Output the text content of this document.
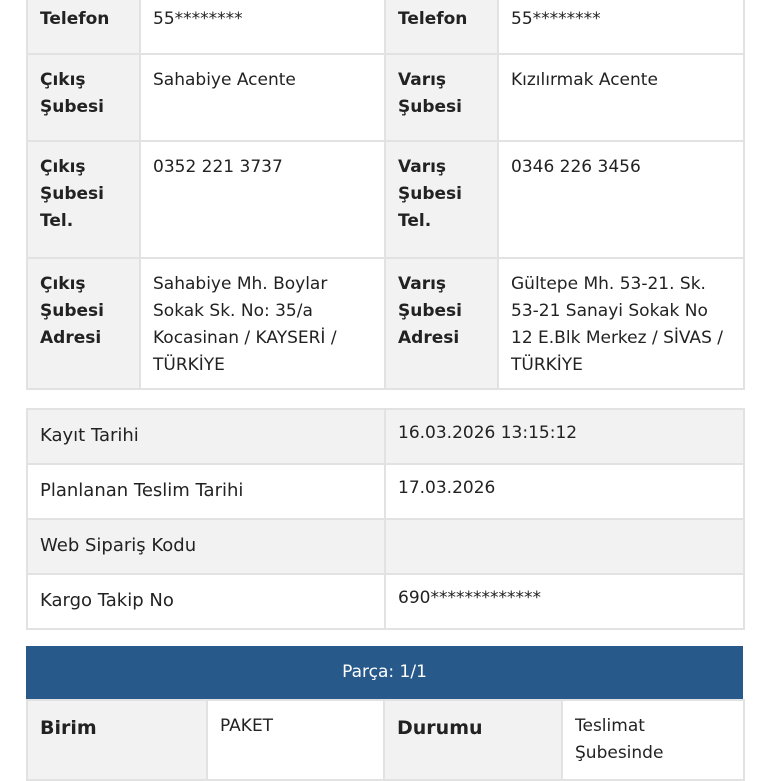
Telefon	55********	Telefon	55********
Çıkış Şubesi	Sahabiye Acente	Varış Şubesi	Kızılırmak Acente
Çıkış Şubesi Tel.	0352 221 3737	Varış Şubesi Tel.	0346 226 3456
Çıkış Şubesi Adresi	Sahabiye Mh. Boylar Sokak Sk. No: 35/a Kocasinan / KAYSERİ / TÜRKİYE	Varış Şubesi Adresi	Gültepe Mh. 53-21. Sk. 53-21 Sanayi Sokak No 12 E.Blk Merkez / SİVAS / TÜRKİYE
Kayıt Tarihi	16.03.2026 13:15:12
Planlanan Teslim Tarihi	17.03.2026
Web Sipariş Kodu	
Kargo Takip No	690*************
Parça: 1/1
Birim	PAKET	Durumu	Teslimat Şubesinde
